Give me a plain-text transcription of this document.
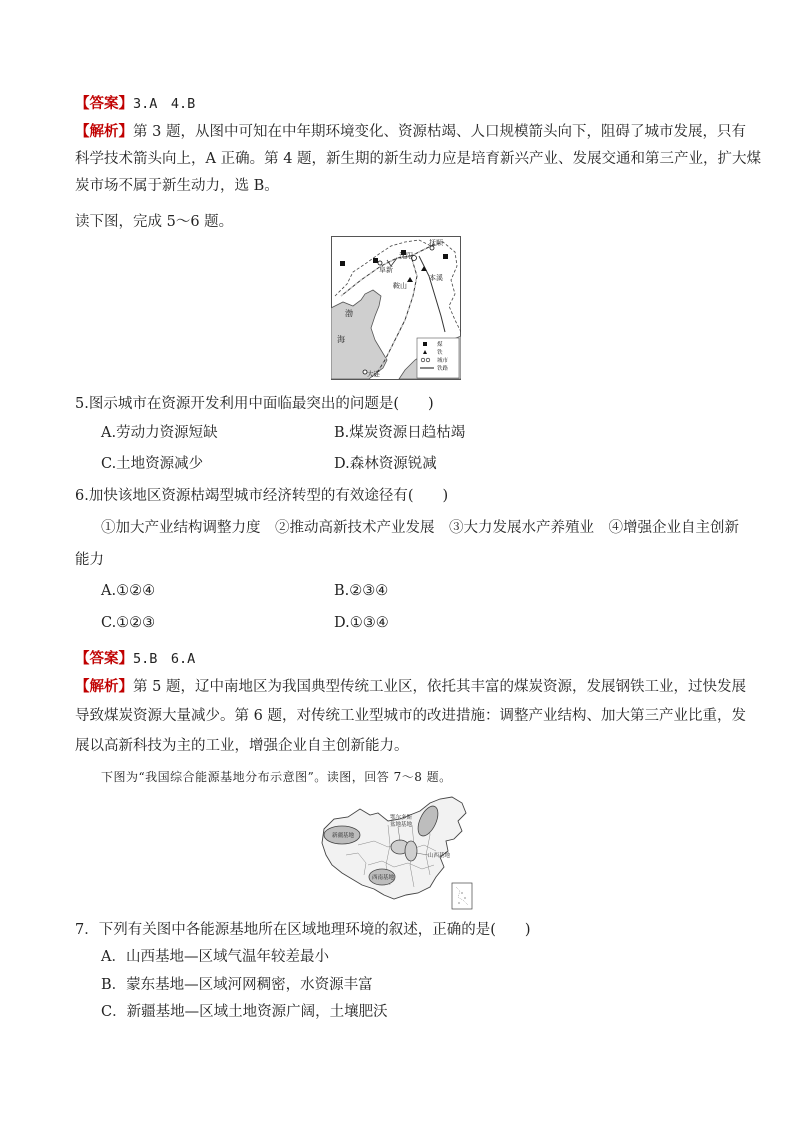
【答案】3.A　4.B
【解析】第 3 题，从图中可知在中年期环境变化、资源枯竭、人口规模箭头向下，阻碍了城市发展，只有
科学技术箭头向上，A 正确。第 4 题，新生期的新生动力应是培育新兴产业、发展交通和第三产业，扩大煤
炭市场不属于新生动力，选 B。
读下图，完成 5～6 题。
抚顺
沈阳
阜新
本溪
鞍山
渤
海
大连
煤
铁
城市
铁路
5.图示城市在资源开发利用中面临最突出的问题是(　　)
A.劳动力资源短缺	B.煤炭资源日趋枯竭
C.土地资源减少	D.森林资源锐减
6.加快该地区资源枯竭型城市经济转型的有效途径有(　　)
①加大产业结构调整力度　②推动高新技术产业发展　③大力发展水产养殖业　④增强企业自主创新
能力
A.①②④	B.②③④
C.①②③	D.①③④
【答案】5.B　6.A
【解析】第 5 题，辽中南地区为我国典型传统工业区，依托其丰富的煤炭资源，发展钢铁工业，过快发展
导致煤炭资源大量减少。第 6 题，对传统工业型城市的改进措施：调整产业结构、加大第三产业比重，发
展以高新科技为主的工业，增强企业自主创新能力。
下图为“我国综合能源基地分布示意图”。读图，回答 7～8 题。
新疆基地
鄂尔多斯
盆地基地
山西基地
西南基地
7．下列有关图中各能源基地所在区域地理环境的叙述，正确的是(　　)
A．山西基地—区域气温年较差最小
B．蒙东基地—区域河网稠密，水资源丰富
C．新疆基地—区域土地资源广阔，土壤肥沃
